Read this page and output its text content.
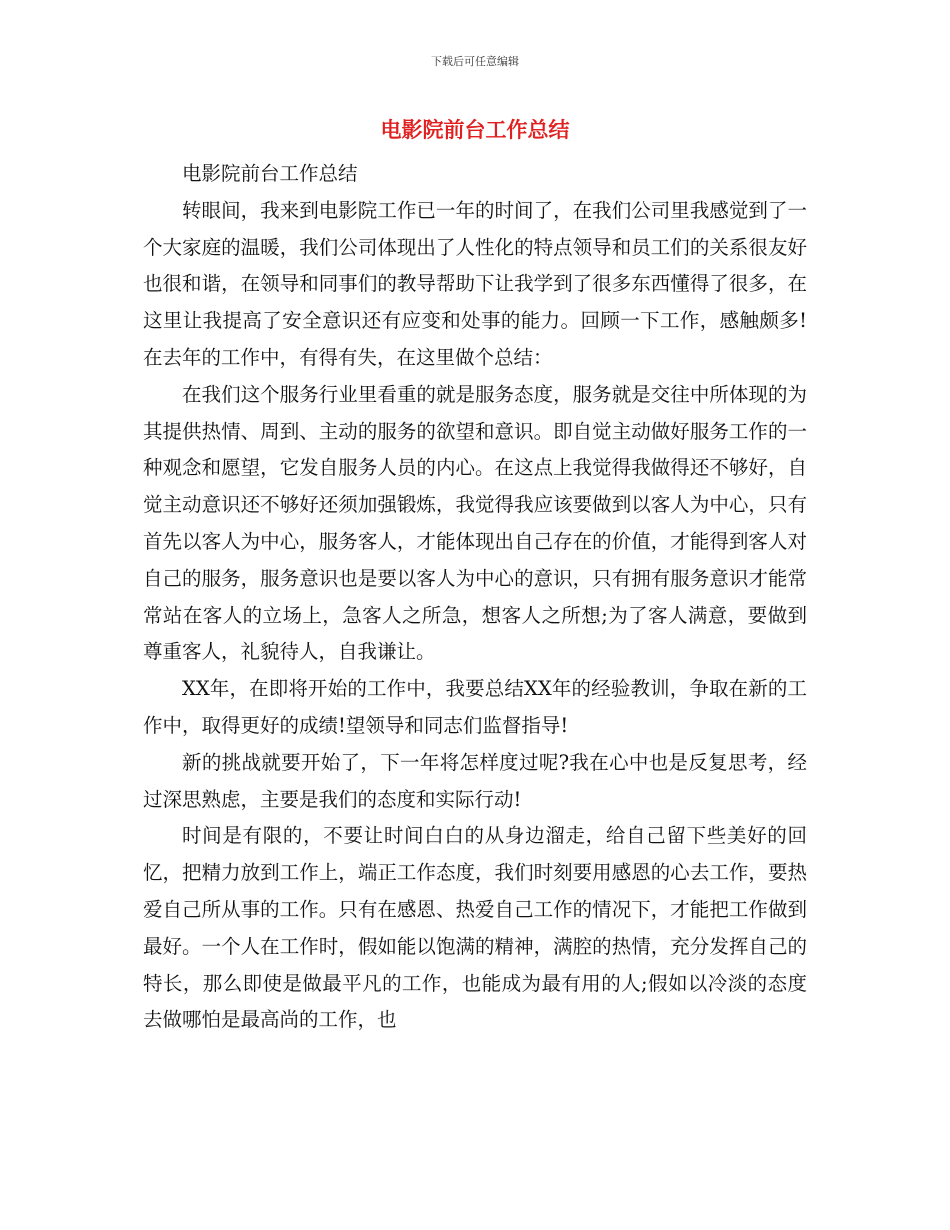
下载后可任意编辑
电影院前台工作总结

电影院前台工作总结

转眼间，我来到电影院工作已一年的时间了，在我们公司里我感觉到了一个大家庭的温暖，我们公司体现出了人性化的特点领导和员工们的关系很友好也很和谐，在领导和同事们的教导帮助下让我学到了很多东西懂得了很多，在这里让我提高了安全意识还有应变和处事的能力。回顾一下工作，感触颇多!在去年的工作中，有得有失，在这里做个总结：

在我们这个服务行业里看重的就是服务态度，服务就是交往中所体现的为其提供热情、周到、主动的服务的欲望和意识。即自觉主动做好服务工作的一种观念和愿望，它发自服务人员的内心。在这点上我觉得我做得还不够好，自觉主动意识还不够好还须加强锻炼，我觉得我应该要做到以客人为中心，只有首先以客人为中心，服务客人，才能体现出自己存在的价值，才能得到客人对自己的服务，服务意识也是要以客人为中心的意识，只有拥有服务意识才能常常站在客人的立场上，急客人之所急，想客人之所想;为了客人满意，要做到尊重客人，礼貌待人，自我谦让。

XX年，在即将开始的工作中，我要总结XX年的经验教训，争取在新的工作中，取得更好的成绩!望领导和同志们监督指导!

新的挑战就要开始了，下一年将怎样度过呢?我在心中也是反复思考，经过深思熟虑，主要是我们的态度和实际行动!

时间是有限的，不要让时间白白的从身边溜走，给自己留下些美好的回忆，把精力放到工作上，端正工作态度，我们时刻要用感恩的心去工作，要热爱自己所从事的工作。只有在感恩、热爱自己工作的情况下，才能把工作做到最好。一个人在工作时，假如能以饱满的精神，满腔的热情，充分发挥自己的特长，那么即使是做最平凡的工作，也能成为最有用的人;假如以冷淡的态度去做哪怕是最高尚的工作，也
